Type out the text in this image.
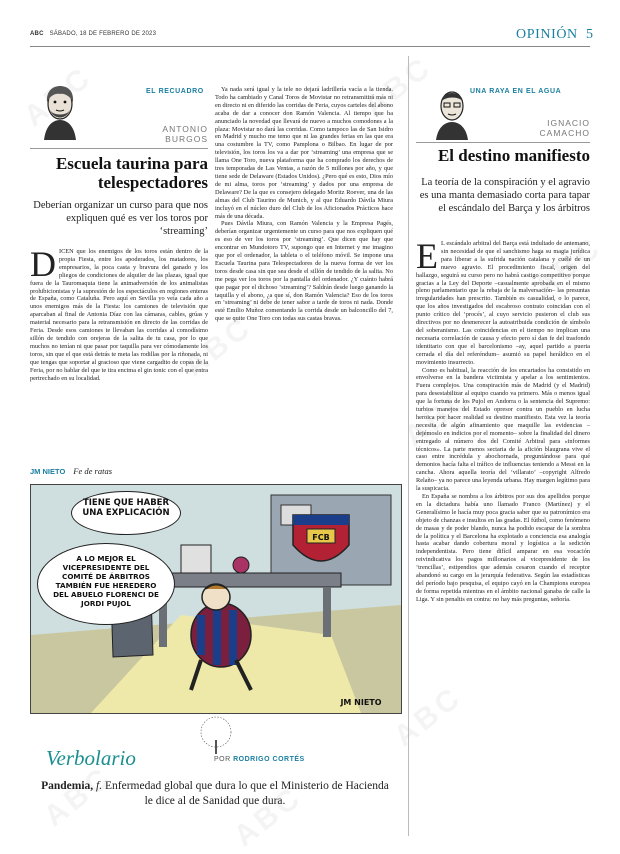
ABC SÁBADO, 18 DE FEBRERO DE 2023	OPINIÓN 5
EL RECUADRO
ANTONIO
BURGOS
Escuela taurina para telespectadores
Deberían organizar un curso para que nos expliquen qué es ver los toros por ‘streaming’

DICEN que los enemigos de los toros están dentro de la propia Fiesta, entre los apoderados, los matadores, los empresarios, la poca casta y bravura del ganado y los pliegos de condiciones de alquiler de las plazas, igual que fuera de la Tauromaquia tiene la animadversión de los animalistas prohibicionistas y la supresión de los espectáculos en regiones enteras de España, como Cataluña. Pero aquí en Sevilla yo veía cada año a unos enemigos más de la Fiesta: los camiones de televisión que aparcaban al final de Antonia Díaz con las cámaras, cables, grúas y material necesario para la retransmisión en directo de las corridas de Feria. Desde esos camiones te llevaban las corridas al comodísimo sillón de tendido con orejeras de la salita de tu casa, por lo que muchos no tenían ni que pasar por taquilla para ver cómodamente los toros, sin que el que está detrás te meta las rodillas por la riñonada, ni que tengas que soportar al gracioso que viene cargadito de copas de la Feria, por no hablar del que te tira encima el gin tonic con el que entra pertrechado en su localidad.

Ya nada será igual y la tele no dejará ladrillería vacía a la tienda. Todo ha cambiado y Canal Toros de Movistar no retransmitirá más ni en directo ni en diferido las corridas de Feria, cuyos carteles del abono acaba de dar a conocer don Ramón Valencia. Al tiempo que ha anunciado la novedad que llevará de nuevo a muchos comodones a la plaza: Movistar no dará las corridas. Como tampoco las de San Isidro en Madrid y mucho me temo que ni las grandes ferias en las que era una costumbre la TV, como Pamplona o Bilbao. En lugar de por televisión, los toros los va a dar por ‘streaming’ una empresa que se llama One Toro, nueva plataforma que ha comprado los derechos de tres temporadas de Las Ventas, a razón de 5 millones por año, y que tiene sede de Delaware (Estados Unidos). ¿Pero qué es esto, Dios mío de mi alma, toros por ‘streaming’ y dados por una empresa de Delaware? De la que es consejero delegado Moritz Roever, una de las almas del Club Taurino de Munich, y al que Eduardo Dávila Miura incluyó en el núcleo duro del Club de los Aficionados Prácticos hace más de una década.

Pues Dávila Miura, con Ramón Valencia y la Empresa Pagés, deberían organizar urgentemente un curso para que nos expliquen qué es eso de ver los toros por ‘streaming’. Que dicen que hay que encontrar en Mundotoro TV, supongo que en Internet y me imagino que por el ordenador, la tableta o el teléfono móvil. Se impone una Escuela Taurina para Telespectadores de la nueva forma de ver los toros desde casa sin que sea desde el sillón de tendido de la salita. No me pega ver los toros por la pantalla del ordenador. ¿Y cuánto habrá que pagar por el dichoso ‘streaming’? Saldrán desde luego ganando la taquilla y el abono, ¿a que sí, don Ramón Valencia? Eso de los toros en ‘streaming’ ni debe de tener sabor a tarde de toros ni nada. Donde esté Emilio Muñoz comentando la corrida desde un balconcillo del 7, que se quite One Toro con todas sus castas bravas.

JM NIETO Fe de ratas
FCB
JM NIETO
TIENE QUE HABER UNA EXPLICACIÓN
A LO MEJOR EL VICEPRESIDENTE DEL COMITÉ DE ÁRBITROS TAMBIÉN FUE HEREDERO DEL ABUELO FLORENCI DE JORDI PUJOL
Verbolario	POR RODRIGO CORTÉS
Pandemia, f. Enfermedad global que dura lo que el Ministerio de Hacienda le dice al de Sanidad que dura.
UNA RAYA EN EL AGUA
IGNACIO
CAMACHO
El destino manifiesto
La teoría de la conspiración y el agravio es una manta demasiado corta para tapar el escándalo del Barça y los árbitros

E L escándalo arbitral del Barça está indultado de antemano, sin necesidad de que el sanchismo haga su magia jurídica para liberar a la sufrida nación catalana y cuélé de un nuevo agravio. El procedimiento fiscal, origen del hallazgo, seguirá su curso pero no habrá castigo competitivo porque gracias a la Ley del Deporte –casualmente aprobada en el mismo pleno parlamentario que la rebaja de la malversación– las presuntas irregularidades han prescrito. También es casualidad, o lo parece, que los años investigados del escabroso contrato coincidan con el punto crítico del ‘procés’, al cuyo servicio pusieron el club sus directivos por no desmerecer la autoatribuida condición de símbolo del soberanismo. Las coincidencias en el tiempo no implican una necesaria correlación de causa y efecto pero sí dan fe del trasfondo identitario con que el barcelonismo –ay, aquel partido a puerta cerrada el día del referéndum– asumió su papel heráldico en el movimiento insurrecto.

Como es habitual, la reacción de los encartados ha consistido en envolverse en la bandera victimista y apelar a los sentimientos. Fuera complejos. Una conspiración más de Madrid (y el Madrid) para desestabilizar al equipo cuando va primero. Más o menos igual que la fortuna de los Pujol en Andorra o la sentencia del Supremo: turbios manejos del Estado opresor contra un pueblo en lucha heroica por hacer realidad su destino manifiesto. Esta vez la teoría necesita de algún afinamiento que maquille las evidencias –dejémoslo en indicios por el momento– sobre la finalidad del dinero entregado al número dos del Comité Arbitral para «informes técnicos». La parte menos sectaria de la afición blaugrana vive el caso entre incrédula y abochornada, preguntándose para qué demonios hacía falta el tráfico de influencias teniendo a Messi en la cancha. Ahora aquella teoría del ‘villarato’ –copyright Alfredo Relaño– ya no parece una leyenda urbana. Hay margen legítimo para la suspicacia.

En España se nombra a los árbitros por sus dos apellidos porque en la dictadura había uno llamado Franco (Martínez) y el Generalísimo le hacía muy poca gracia saber que su patronímico era objeto de chanzas e insultos en las gradas. El fútbol, como fenómeno de masas y de poder blando, nunca ha podido escapar de la sombra de la política y el Barcelona ha explotado a conciencia esa analogía hasta acabar dando cobertura moral y logística a la sedición independentista. Pero tiene difícil amparar en esa vocación reivindicativa los pagos millonarios al vicepresidente de los ‘trencillas’, estipendios que además cesaron cuando el receptor abandonó su cargo en la jerarquía federativa. Según las estadísticas del período bajo pesquisa, el equipo cayó en la Champions europea de forma repetida mientras en el ámbito nacional ganaba de calle la Liga. Y sin penaltis en contra: no hay más preguntas, señoría.
